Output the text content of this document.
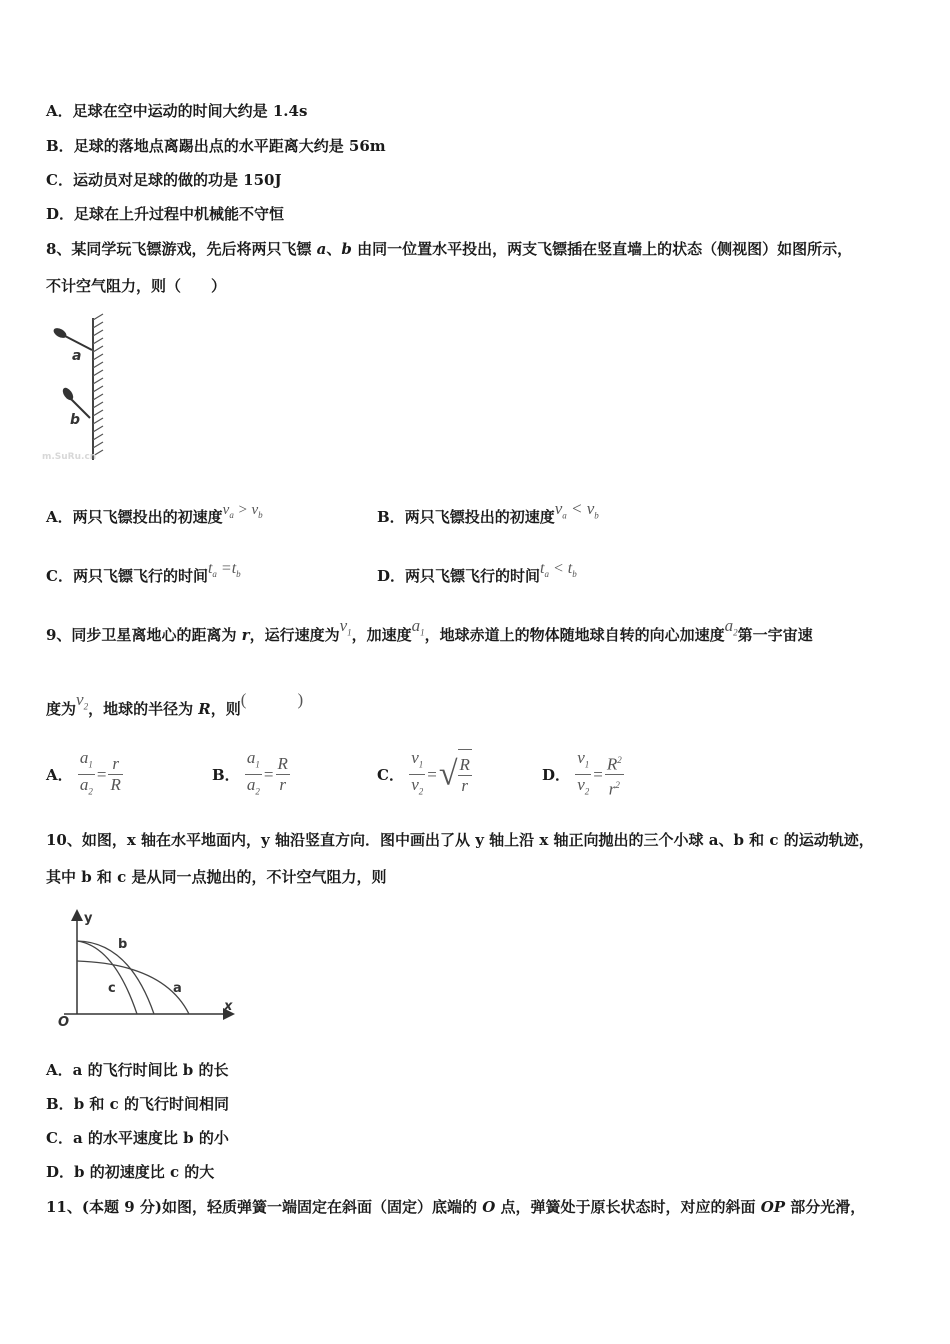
A．足球在空中运动的时间大约是 1.4s
B．足球的落地点离踢出点的水平距离大约是 56m
C．运动员对足球的做的功是 150J
D．足球在上升过程中机械能不守恒
8、某同学玩飞镖游戏，先后将两只飞镖 a、b 由同一位置水平投出，两支飞镖插在竖直墙上的状态（侧视图）如图所示，
不计空气阻力，则（　　）
a
b
m.SuRu.cn
A．两只飞镖投出的初速度$v_a > v_b$	B．两只飞镖投出的初速度$v_a < v_b$
C．两只飞镖飞行的时间$t_a =t_b$	D．两只飞镖飞行的时间$t_a < t_b$
9、同步卫星离地心的距离为 r，运行速度为$v_1$，加速度$a_1$，地球赤道上的物体随地球自转的向心加速度$a_2$第一宇宙速
度为$v_2$，地球的半径为 R，则(　　　)
A． $\frac{a_1}{a_2} = \frac{r}{R}$	B． $\frac{a_1}{a_2} = \frac{R}{r}$	C． $\frac{v_1}{v_2}$ =√ $\frac{R}{r}$	D． $\frac{v_1}{v_2} = \frac{R^2}{r^2}$
10、如图，x 轴在水平地面内，y 轴沿竖直方向．图中画出了从 y 轴上沿 x 轴正向抛出的三个小球 a、b 和 c 的运动轨迹，
其中 b 和 c 是从同一点抛出的，不计空气阻力，则
y
x
O
b
c	a
A．a 的飞行时间比 b 的长
B．b 和 c 的飞行时间相同
C．a 的水平速度比 b 的小
D．b 的初速度比 c 的大
11、(本题 9 分)如图，轻质弹簧一端固定在斜面（固定）底端的 O 点，弹簧处于原长状态时，对应的斜面 OP 部分光滑，
